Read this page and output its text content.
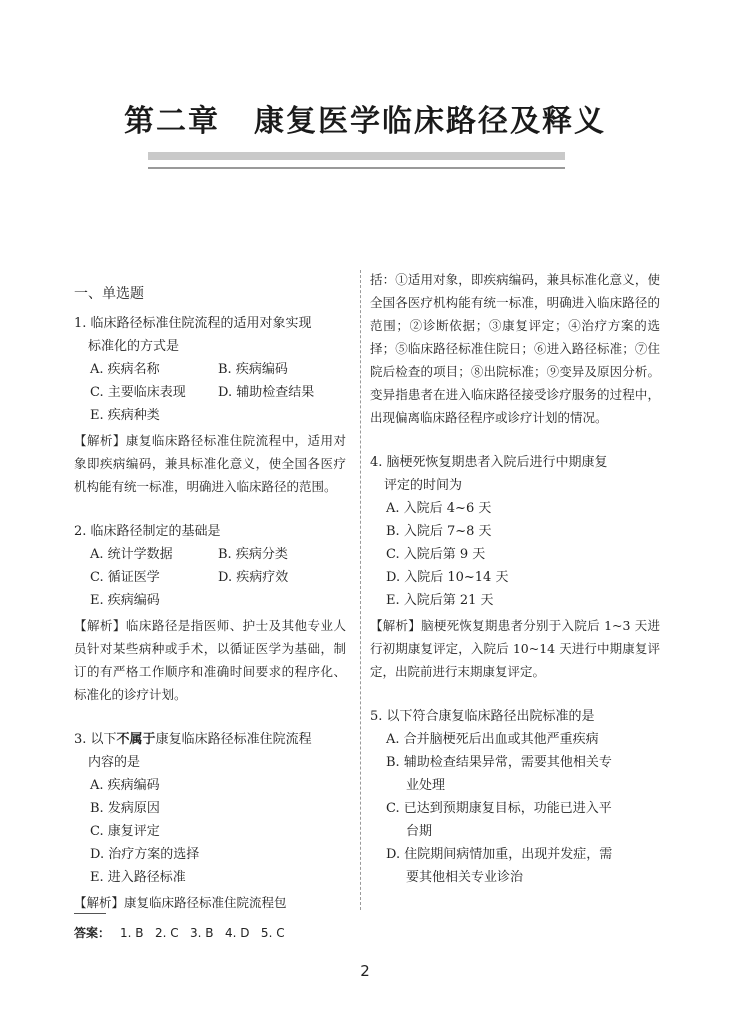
第二章 康复医学临床路径及释义
一、单选题
1. 临床路径标准住院流程的适用对象实现
标准化的方式是
A. 疾病名称	B. 疾病编码
C. 主要临床表现	D. 辅助检查结果
E. 疾病种类
【解析】康复临床路径标准住院流程中，适用对象即疾病编码，兼具标准化意义，使全国各医疗机构能有统一标准，明确进入临床路径的范围。
2. 临床路径制定的基础是
A. 统计学数据	B. 疾病分类
C. 循证医学	D. 疾病疗效
E. 疾病编码
【解析】临床路径是指医师、护士及其他专业人员针对某些病种或手术，以循证医学为基础，制订的有严格工作顺序和准确时间要求的程序化、标准化的诊疗计划。
3. 以下不属于康复临床路径标准住院流程
内容的是
A. 疾病编码
B. 发病原因
C. 康复评定
D. 治疗方案的选择
E. 进入路径标准
【解析】康复临床路径标准住院流程包
括：①适用对象，即疾病编码，兼具标准化意义，使全国各医疗机构能有统一标准，明确进入临床路径的范围；②诊断依据；③康复评定；④治疗方案的选择；⑤临床路径标准住院日；⑥进入路径标准；⑦住院后检查的项目；⑧出院标准；⑨变异及原因分析。变异指患者在进入临床路径接受诊疗服务的过程中，出现偏离临床路径程序或诊疗计划的情况。
4. 脑梗死恢复期患者入院后进行中期康复
评定的时间为
A. 入院后 4~6 天
B. 入院后 7~8 天
C. 入院后第 9 天
D. 入院后 10~14 天
E. 入院后第 21 天
【解析】脑梗死恢复期患者分别于入院后 1~3 天进行初期康复评定，入院后 10~14 天进行中期康复评定，出院前进行末期康复评定。
5. 以下符合康复临床路径出院标准的是
A. 合并脑梗死后出血或其他严重疾病
B. 辅助检查结果异常，需要其他相关专
业处理
C. 已达到预期康复目标，功能已进入平
台期
D. 住院期间病情加重，出现并发症，需
要其他相关专业诊治
答案： 1. B   2. C   3. B   4. D   5. C
2
